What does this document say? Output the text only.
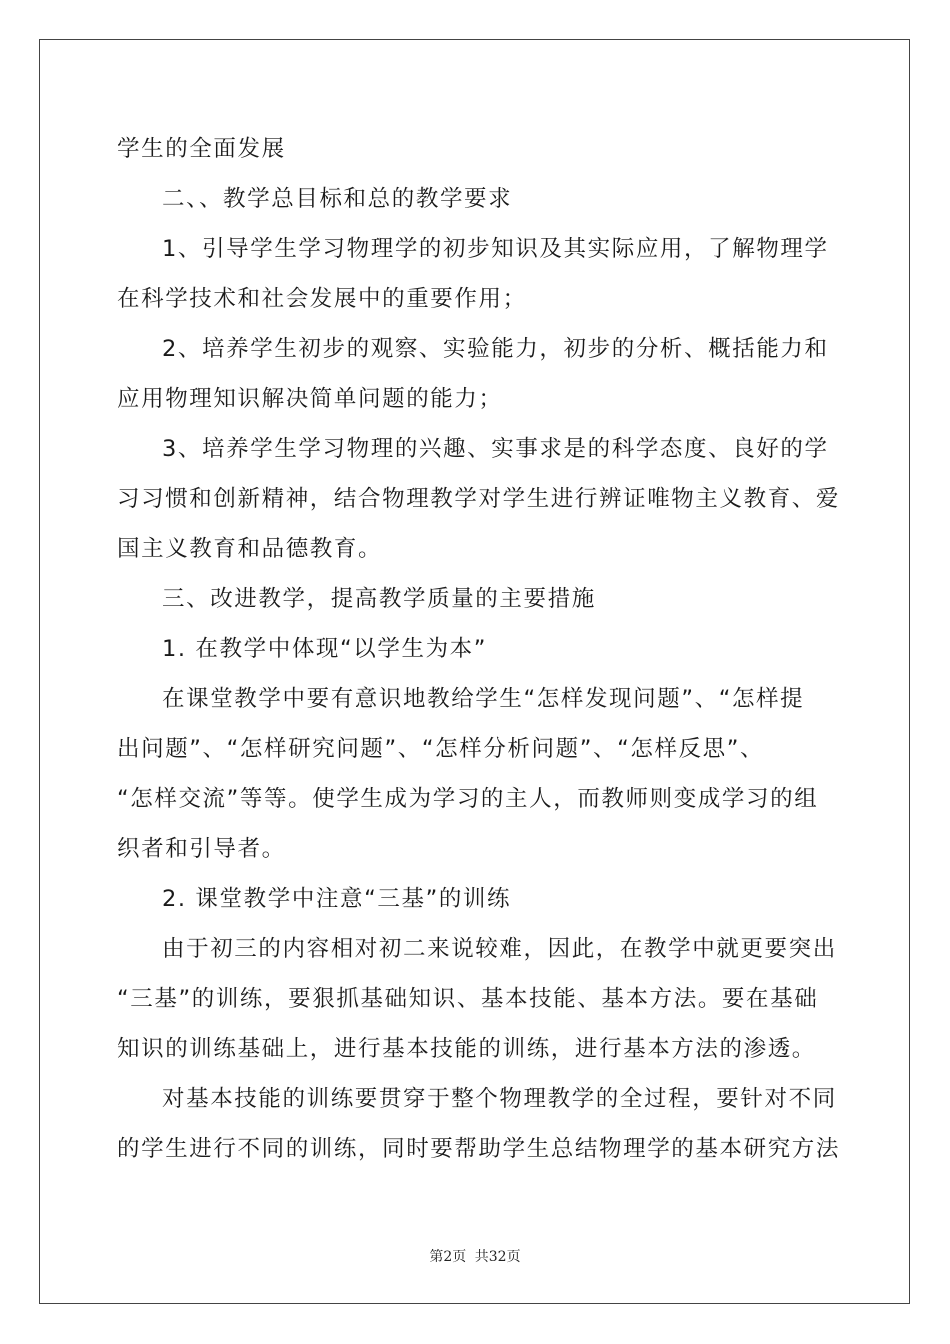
学生的全面发展
二、、教学总目标和总的教学要求
1、引导学生学习物理学的初步知识及其实际应用，了解物理学
在科学技术和社会发展中的重要作用；
2、培养学生初步的观察、实验能力，初步的分析、概括能力和
应用物理知识解决简单问题的能力；
3、培养学生学习物理的兴趣、实事求是的科学态度、良好的学
习习惯和创新精神，结合物理教学对学生进行辨证唯物主义教育、爱
国主义教育和品德教育。
三、改进教学，提高教学质量的主要措施
1. 在教学中体现“以学生为本”
在课堂教学中要有意识地教给学生“怎样发现问题”、“怎样提
出问题”、“怎样研究问题”、“怎样分析问题”、“怎样反思”、
“怎样交流”等等。使学生成为学习的主人，而教师则变成学习的组
织者和引导者。
2. 课堂教学中注意“三基”的训练
由于初三的内容相对初二来说较难，因此，在教学中就更要突出
“三基”的训练，要狠抓基础知识、基本技能、基本方法。要在基础
知识的训练基础上，进行基本技能的训练，进行基本方法的渗透。
对基本技能的训练要贯穿于整个物理教学的全过程，要针对不同
的学生进行不同的训练，同时要帮助学生总结物理学的基本研究方法
第2页 共32页
